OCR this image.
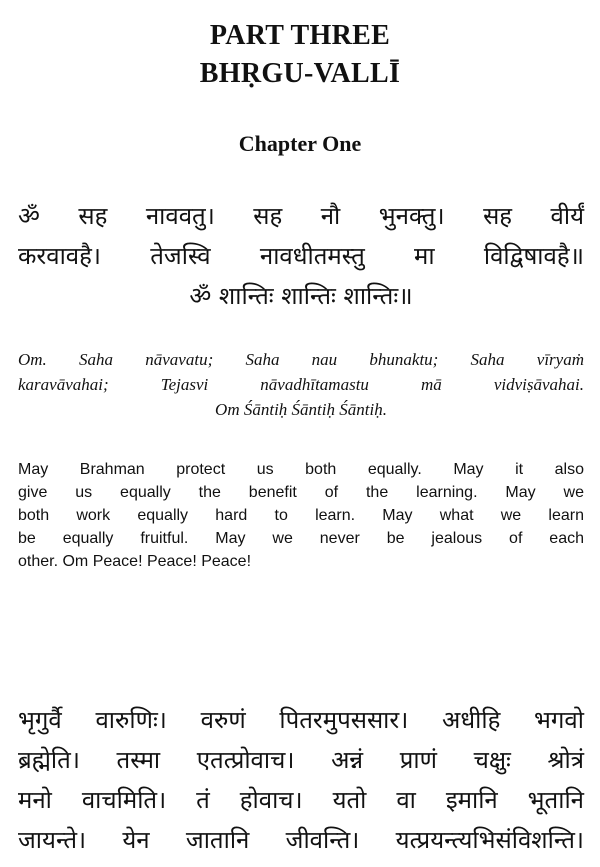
PART THREE
BHṚGU-VALLĪ
Chapter One
ॐ सह नाववतु। सह नौ भुनक्तु। सह वीर्यं
करवावहै। तेजस्वि नावधीतमस्तु मा विद्विषावहै॥
ॐ शान्तिः शान्तिः शान्तिः॥
Om. Saha nāvavatu; Saha nau bhunaktu; Saha vīryaṁ
karavāvahai; Tejasvi nāvadhītamastu mā vidviṣāvahai.
Om Śāntiḥ Śāntiḥ Śāntiḥ.
May Brahman protect us both equally. May it also
give us equally the benefit of the learning. May we
both work equally hard to learn. May what we learn
be equally fruitful. May we never be jealous of each
other. Om Peace! Peace! Peace!
भृगुर्वै वारुणिः। वरुणं पितरमुपससार। अधीहि भगवो
ब्रह्मेति। तस्मा एतत्प्रोवाच। अन्नं प्राणं चक्षुः श्रोत्रं
मनो वाचमिति। तं होवाच। यतो वा इमानि भूतानि
जायन्ते। येन जातानि जीवन्ति। यत्प्रयन्त्यभिसंविशन्ति।
